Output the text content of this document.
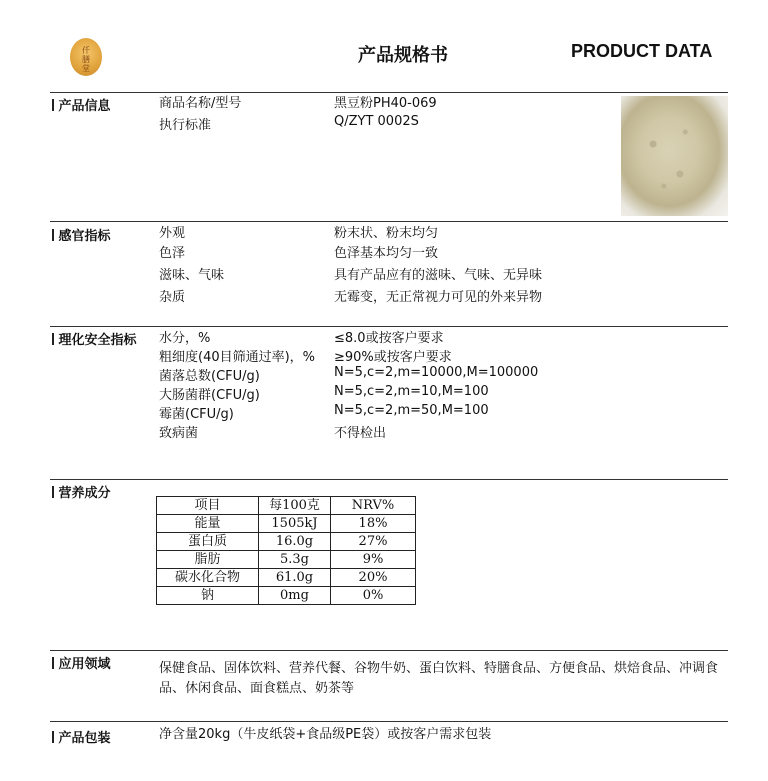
仟
膳
堂
产品规格书	PRODUCT DATA
产品信息	商品名称/型号	黑豆粉PH40-069
执行标准	Q/ZYT 0002S
感官指标	外观	粉末状、粉末均匀
色泽	色泽基本均匀一致
滋味、气味	具有产品应有的滋味、气味、无异味
杂质	无霉变，无正常视力可见的外来异物
理化安全指标 水分，%	≤8.0或按客户要求
粗细度(40目筛通过率)，% ≥90%或按客户要求
菌落总数(CFU/g)	N=5,c=2,m=10000,M=100000
大肠菌群(CFU/g)	N=5,c=2,m=10,M=100
霉菌(CFU/g)	N=5,c=2,m=50,M=100
致病菌	不得检出
营养成分
项目	每100克	NRV%
能量	1505kJ	18%
蛋白质	16.0g	27%
脂肪	5.3g	9%
碳水化合物	61.0g	20%
钠	0mg	0%
应用领域	保健食品、固体饮料、营养代餐、谷物牛奶、蛋白饮料、特膳食品、方便食品、烘焙食品、冲调食品、休闲食品、面食糕点、奶茶等
产品包装	净含量20kg（牛皮纸袋+食品级PE袋）或按客户需求包装
